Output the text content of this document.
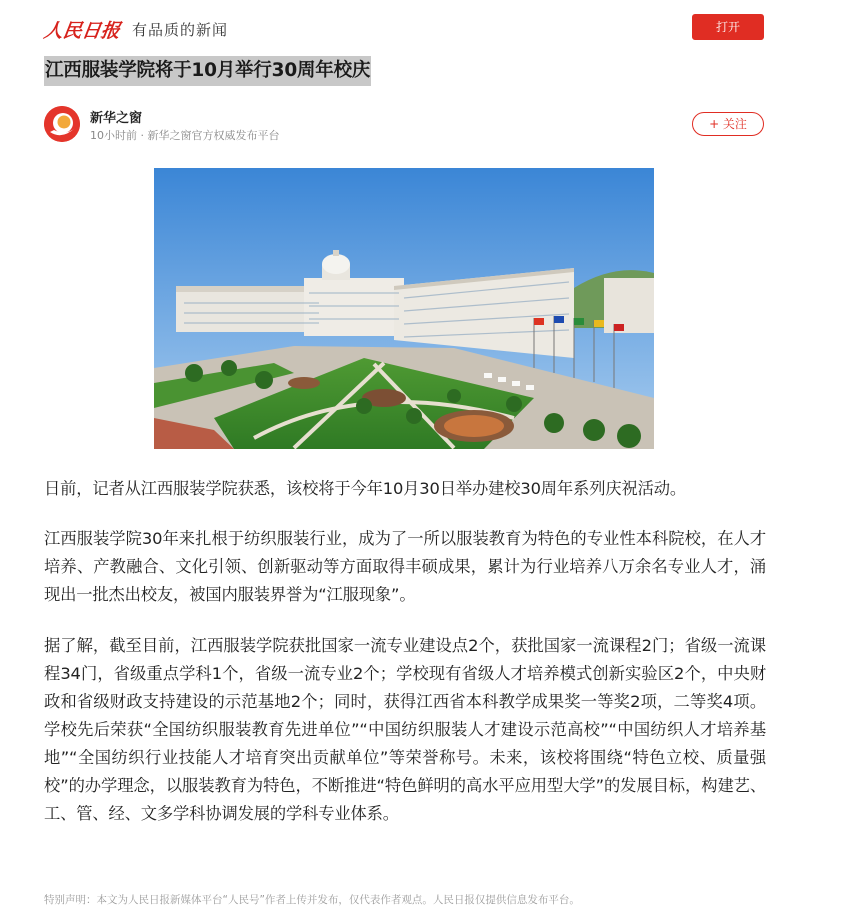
人民日报 有品质的新闻	打开
江西服装学院将于10月举行30周年校庆
新华之窗
10小时前 · 新华之窗官方权威发布平台
+ 关注

日前，记者从江西服装学院获悉，该校将于今年10月30日举办建校30周年系列庆祝活动。

江西服装学院30年来扎根于纺织服装行业，成为了一所以服装教育为特色的专业性本科院校，在人才培养、产教融合、文化引领、创新驱动等方面取得丰硕成果，累计为行业培养八万余名专业人才，涌现出一批杰出校友，被国内服装界誉为“江服现象”。

据了解，截至目前，江西服装学院获批国家一流专业建设点2个，获批国家一流课程2门；省级一流课程34门，省级重点学科1个，省级一流专业2个；学校现有省级人才培养模式创新实验区2个，中央财政和省级财政支持建设的示范基地2个；同时，获得江西省本科教学成果奖一等奖2项，二等奖4项。学校先后荣获“全国纺织服装教育先进单位”“中国纺织服装人才建设示范高校”“中国纺织人才培养基地”“全国纺织行业技能人才培育突出贡献单位”等荣誉称号。未来，该校将围绕“特色立校、质量强校”的办学理念，以服装教育为特色，不断推进“特色鲜明的高水平应用型大学”的发展目标，构建艺、工、管、经、文多学科协调发展的学科专业体系。

特别声明：本文为人民日报新媒体平台“人民号”作者上传并发布，仅代表作者观点。人民日报仅提供信息发布平台。
